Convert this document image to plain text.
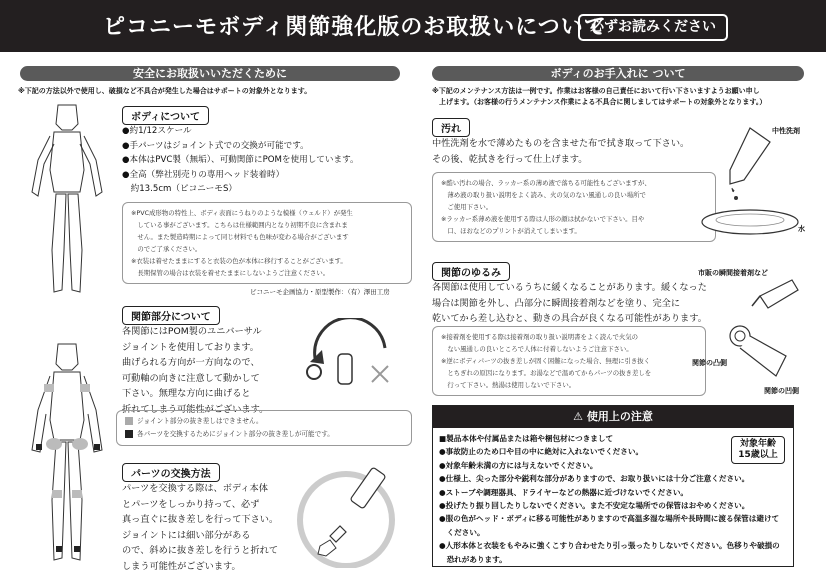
ピコニーモボディ関節強化版のお取扱いについて
必ずお読みください
安全にお取扱いいただくために
※下記の方法以外で使用し、破損など不具合が発生した場合はサポートの対象外となります。
ボディについて
●約1/12スケール
●手パーツはジョイント式での交換が可能です。
●本体はPVC製（無垢）、可動関節にPOMを使用しています。
●全高（弊社別売りの専用ヘッド装着時）
　約13.5cm（ピコニーモS）
※PVC成形物の特性上、ボディ表面にうねりのような模様（ウェルド）が発生
　している事がございます。こちらは仕様範囲内となり初期不良に含まれま
　せん。また製造時期によって同じ材料でも色味が変わる場合がございます
　のでご了承ください。
※衣装は着せたままにすると衣装の色が本体に移行することがございます。
　長期保管の場合は衣装を着せたままにしないようご注意ください。
ピコニーモ企画協力・原型製作：（有）澤田工房
関節部分について
各関節にはPOM製のユニバーサル
ジョイントを使用しております。
曲げられる方向が一方向なので、
可動軸の向きに注意して動かして
下さい。無理な方向に曲げると
折れてしまう可能性がございます。
ジョイント部分の抜き差しはできません。
各パーツを交換するためにジョイント部分の抜き差しが可能です。
パーツの交換方法
パーツを交換する際は、ボディ本体
とパーツをしっかり持って、必ず
真っ直ぐに抜き差しを行って下さい。
ジョイントには細い部分がある
ので、斜めに抜き差しを行うと折れて
しまう可能性がございます。
ボディのお手入れに ついて
※下記のメンテナンス方法は一例です。作業はお客様の自己責任において行い下さいますようお願い申し
　上げます。（お客様の行うメンテナンス作業による不具合に関しましてはサポートの対象外となります。）
汚れ
中性洗剤を水で薄めたものを含ませた布で拭き取って下さい。
その後、乾拭きを行って仕上げます。
※酷い汚れの場合、ラッカー系の薄め液で落ちる可能性もございますが、
　薄め液の取り扱い説明をよく読み、火の気のない風通しの良い場所で
　ご使用下さい。
※ラッカー系薄め液を使用する際は人形の顔は拭かないで下さい。目や
　口、ほおなどのプリントが消えてしまいます。
中性洗剤
水
関節のゆるみ
各関節は使用しているうちに緩くなることがあります。緩くなった
場合は関節を外し、凸部分に瞬間接着剤などを塗り、完全に
乾いてから差し込むと、動きの具合が良くなる可能性があります。
※接着剤を使用する際は接着剤の取り扱い説明書をよく読んで火気の
　ない風通しの良いところで人体に付着しないようご注意下さい。
※逆にボディパーツの抜き差しが固く困難になった場合、無理に引き抜く
　とちぎれの原因になります。お湯などで温めてからパーツの抜き差しを
　行って下さい。熱湯は使用しないで下さい。
市販の瞬間接着剤など
関節の凸側
関節の凹側
⚠ 使用上の注意
対象年齢
15歳以上
■製品本体や付属品または箱や梱包材につきまして
●事故防止のため口や目の中に絶対に入れないでください。
●対象年齢未満の方には与えないでください。
●仕様上、尖った部分や鋭利な部分がありますので、お取り扱いには十分ご注意ください。
●ストーブや調理器具、ドライヤーなどの熱器に近づけないでください。
●投げたり振り回したりしないでください。また不安定な場所での保管はおやめください。
●服の色がヘッド・ボディに移る可能性がありますので高温多湿な場所や長時間に渡る保管は避けて
　ください。
●人形本体と衣装をもやみに強くこすり合わせたり引っ張ったりしないでください。色移りや破損の
　恐れがあります。
